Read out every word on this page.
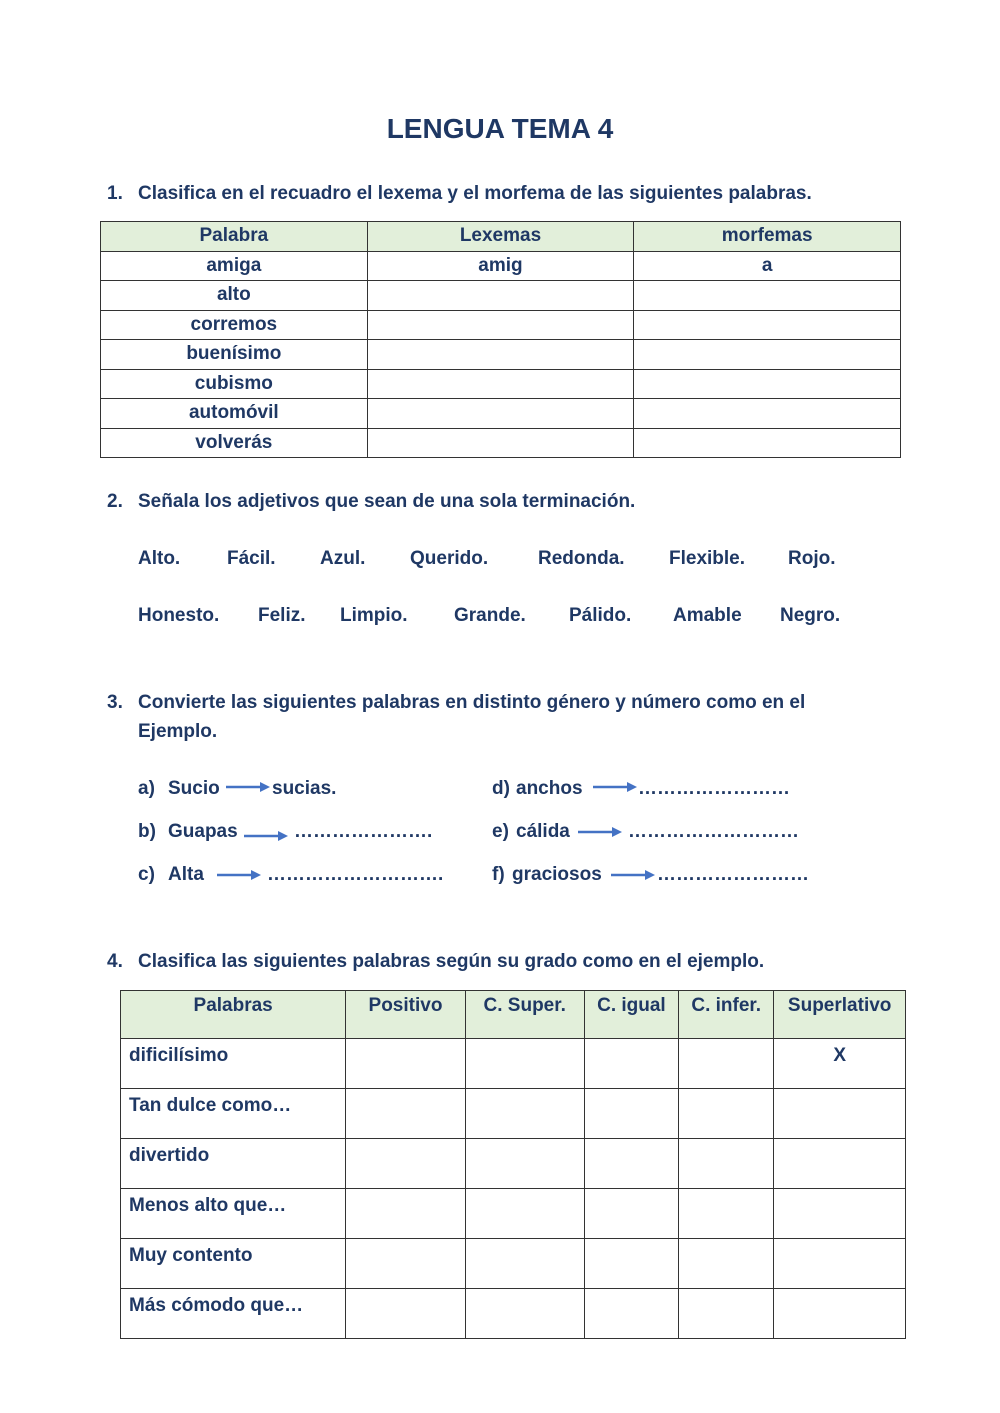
LENGUA TEMA 4
1. Clasifica en el recuadro el lexema y el morfema de las siguientes palabras.
Palabra	Lexemas	morfemas
amiga	amig	a
alto		
corremos		
buenísimo		
cubismo		
automóvil		
volverás		
2. Señala los adjetivos que sean de una sola terminación.
Alto. Fácil. Azul. Querido.	Redonda. Flexible. Rojo.
Honesto. Feliz. Limpio. Grande. Pálido. Amable Negro.
3. Convierte las siguientes palabras en distinto género y número como en el
Ejemplo.
a) Sucio	sucias.
b) Guapas	………………….
c) Alta	……………………….
d) anchos	……………………
e) cálida	………………………
f) graciosos	……………………
4. Clasifica las siguientes palabras según su grado como en el ejemplo.
Palabras	Positivo	C. Super.	C. igual	C. infer.	Superlativo
dificilísimo					X
Tan dulce como…					
divertido					
Menos alto que…					
Muy contento					
Más cómodo que…					
